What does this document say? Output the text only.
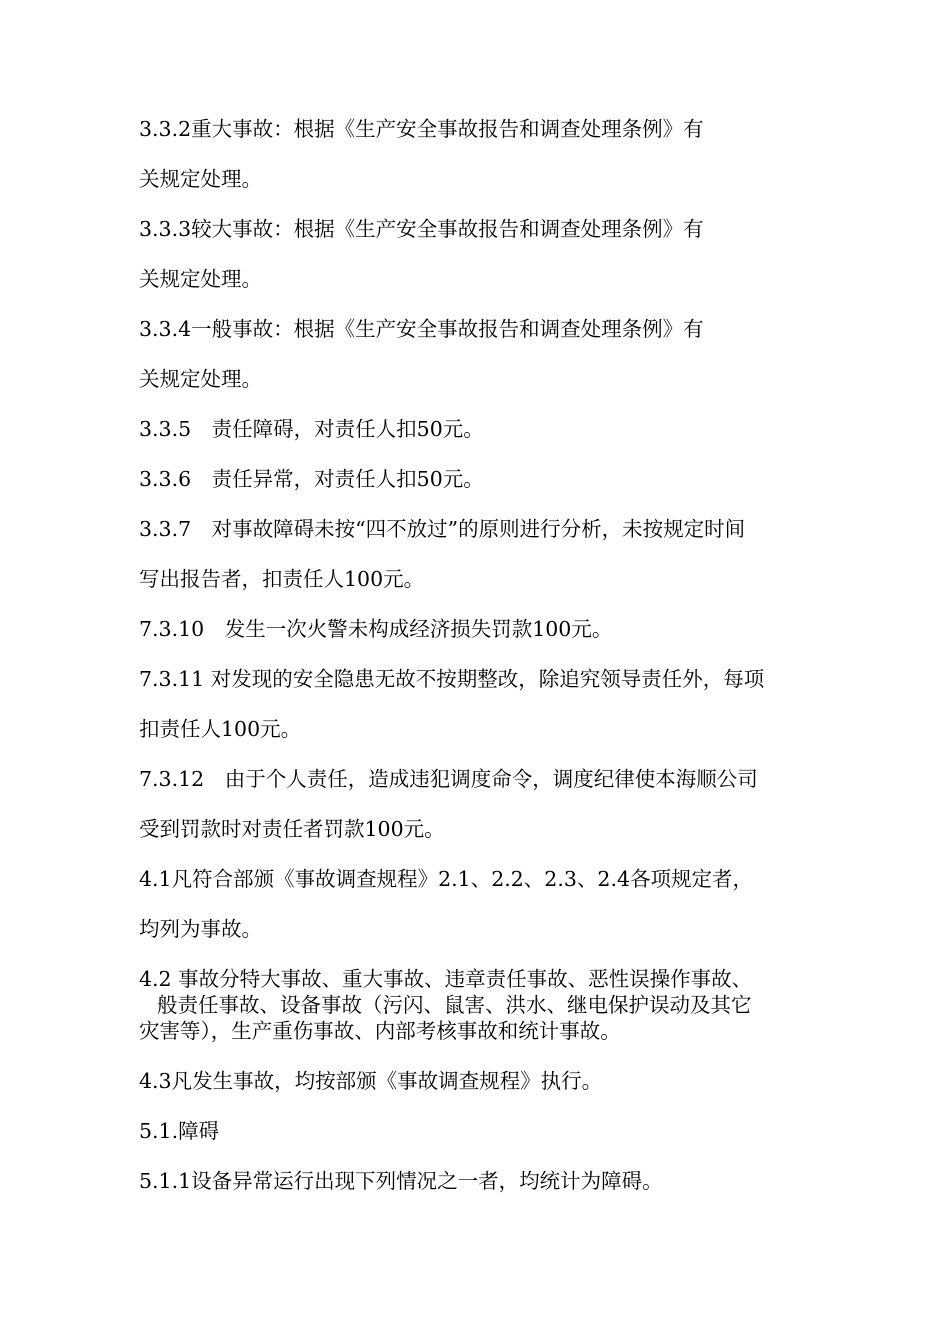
3.3.2重大事故：根据《生产安全事故报告和调查处理条例》有

关规定处理。

3.3.3较大事故：根据《生产安全事故报告和调查处理条例》有

关规定处理。

3.3.4一般事故：根据《生产安全事故报告和调查处理条例》有

关规定处理。

3.3.5　责任障碍，对责任人扣50元。

3.3.6　责任异常，对责任人扣50元。

3.3.7　对事故障碍未按“四不放过”的原则进行分析，未按规定时间

写出报告者，扣责任人100元。

7.3.10　发生一次火警未构成经济损失罚款100元。

7.3.11 对发现的安全隐患无故不按期整改，除追究领导责任外，每项

扣责任人100元。

7.3.12　由于个人责任，造成违犯调度命令，调度纪律使本海顺公司

受到罚款时对责任者罚款100元。

4.1凡符合部颁《事故调查规程》2.1、2.2、2.3、2.4各项规定者，

均列为事故。

4.2 事故分特大事故、重大事故、违章责任事故、恶性误操作事故、
般责任事故、设备事故（污闪、鼠害、洪水、继电保护误动及其它
灾害等），生产重伤事故、内部考核事故和统计事故。

4.3凡发生事故，均按部颁《事故调查规程》执行。

5.1.障碍

5.1.1设备异常运行出现下列情况之一者，均统计为障碍。
